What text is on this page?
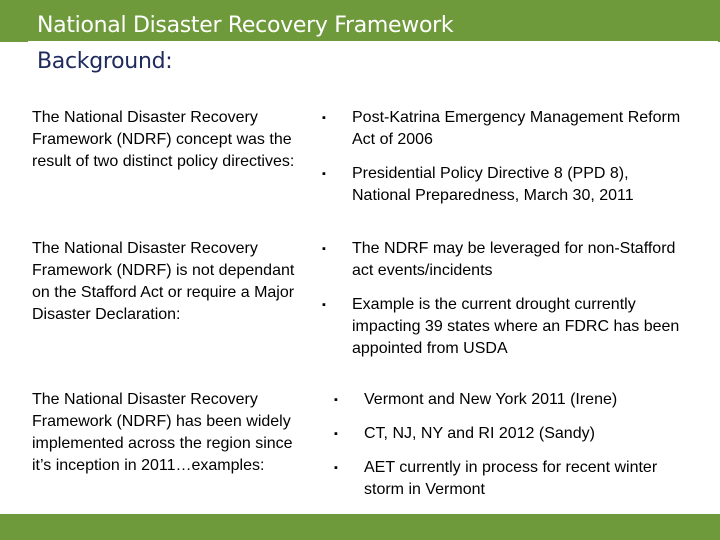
National Disaster Recovery Framework
Background:
The National Disaster Recovery Framework (NDRF) concept was the result of two distinct policy directives:
▪ Post-Katrina Emergency Management Reform Act of 2006
▪ Presidential Policy Directive 8 (PPD 8), National Preparedness, March 30, 2011
The National Disaster Recovery Framework (NDRF) is not dependant on the Stafford Act or require a Major Disaster Declaration:
▪ The NDRF may be leveraged for non-Stafford act events/incidents
▪ Example is the current drought currently impacting 39 states where an FDRC has been appointed from USDA
The National Disaster Recovery Framework (NDRF) has been widely implemented across the region since it’s inception in 2011…examples:
▪ Vermont and New York 2011 (Irene)
▪ CT, NJ, NY and RI 2012 (Sandy)
▪ AET currently in process for recent winter storm in Vermont
